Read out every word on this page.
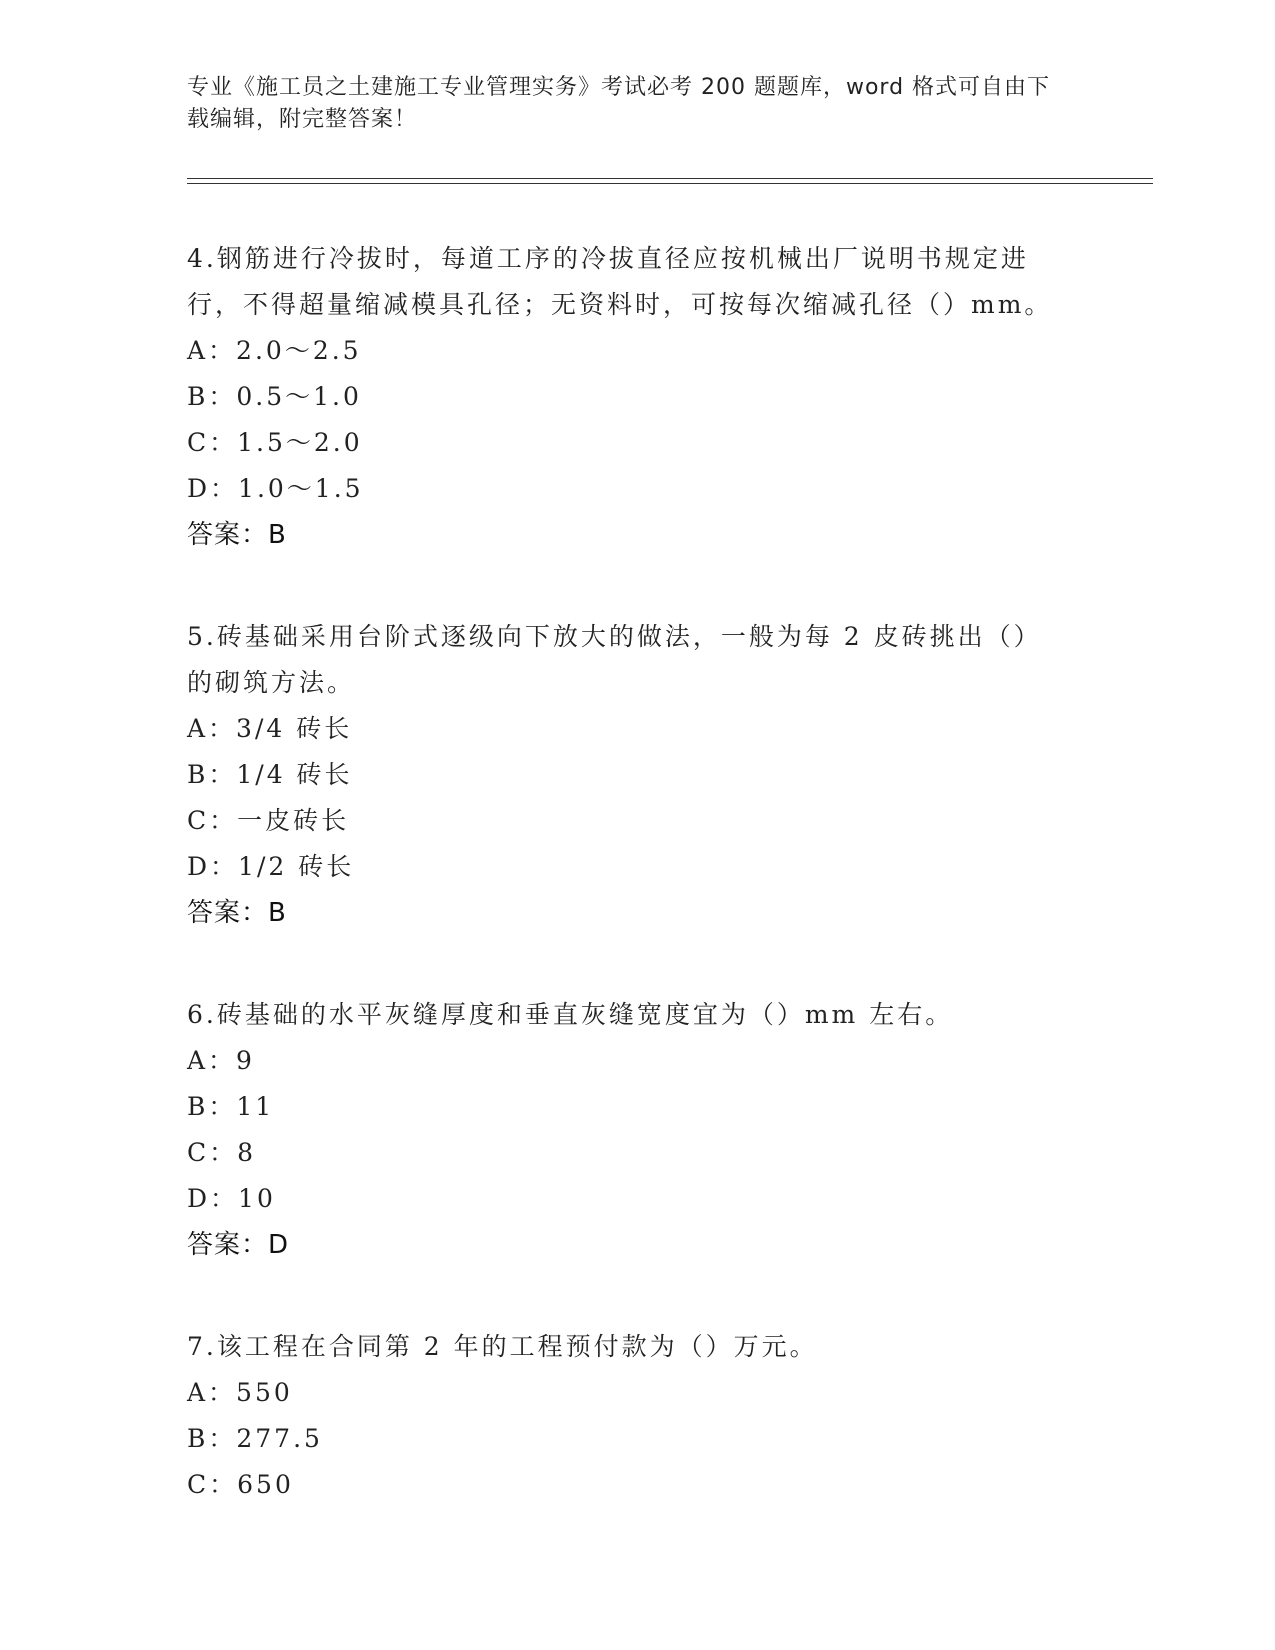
专业《施工员之土建施工专业管理实务》考试必考 200 题题库，word 格式可自由下载编辑，附完整答案！

4.钢筋进行冷拔时，每道工序的冷拔直径应按机械出厂说明书规定进行，不得超量缩减模具孔径；无资料时，可按每次缩减孔径（）mm。

A：2.0～2.5

B：0.5～1.0

C：1.5～2.0

D：1.0～1.5

答案：B

5.砖基础采用台阶式逐级向下放大的做法，一般为每 2 皮砖挑出（）的砌筑方法。

A：3/4 砖长

B：1/4 砖长

C：一皮砖长

D：1/2 砖长

答案：B

6.砖基础的水平灰缝厚度和垂直灰缝宽度宜为（）mm 左右。

A：9

B：11

C：8

D：10

答案：D

7.该工程在合同第 2 年的工程预付款为（）万元。

A：550

B：277.5

C：650
